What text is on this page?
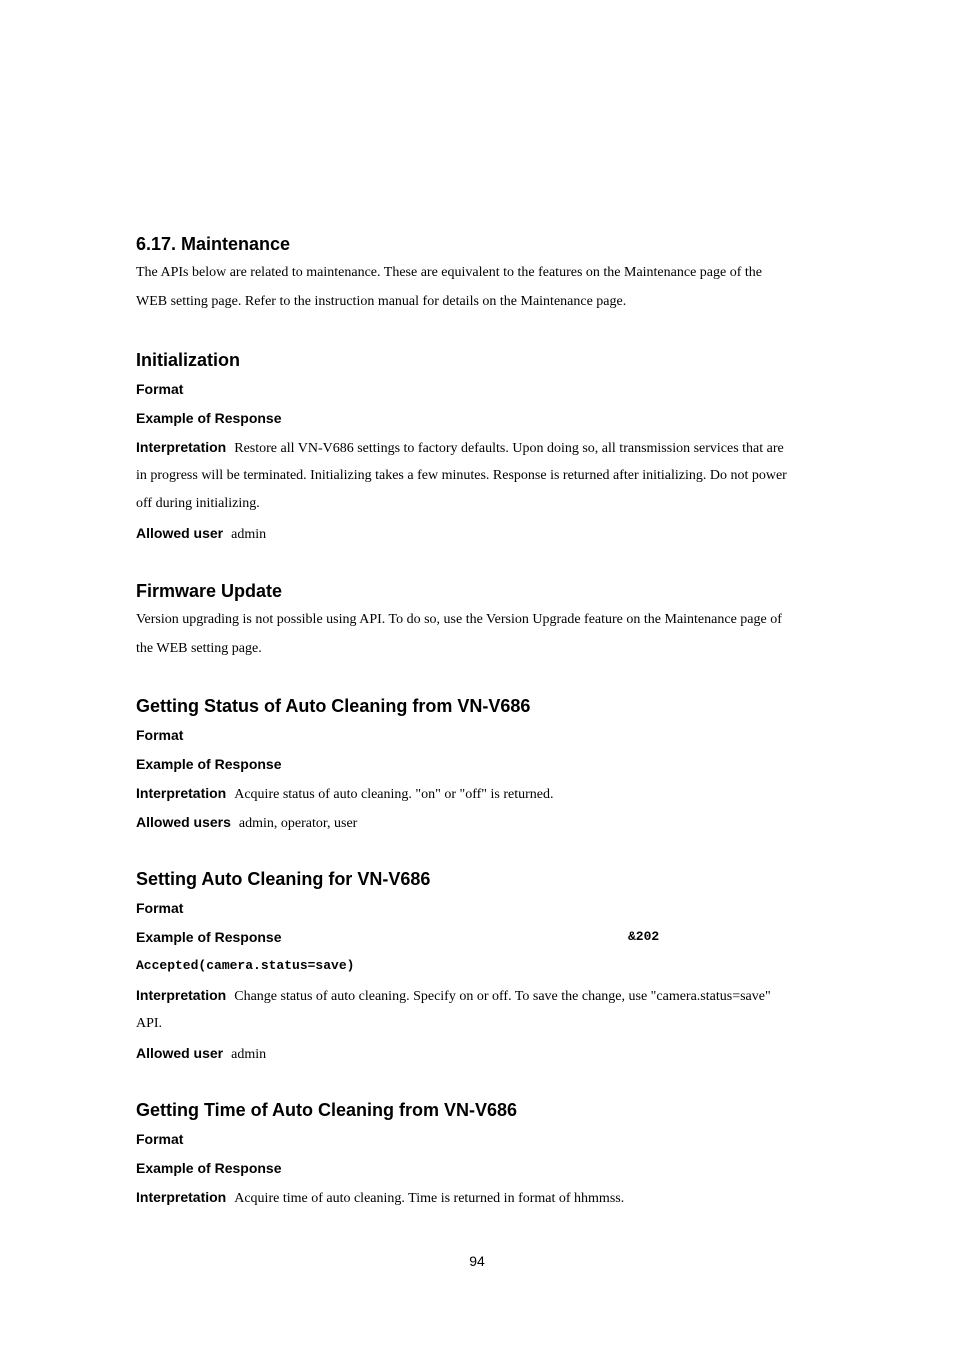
6.17. Maintenance
The APIs below are related to maintenance. These are equivalent to the features on the Maintenance page of the
WEB setting page. Refer to the instruction manual for details on the Maintenance page.
Initialization
Format
Example of Response
Interpretation Restore all VN-V686 settings to factory defaults. Upon doing so, all transmission services that are
in progress will be terminated. Initializing takes a few minutes. Response is returned after initializing. Do not power
off during initializing.
Allowed user admin
Firmware Update
Version upgrading is not possible using API. To do so, use the Version Upgrade feature on the Maintenance page of
the WEB setting page.
Getting Status of Auto Cleaning from VN-V686
Format
Example of Response
Interpretation Acquire status of auto cleaning. "on" or "off" is returned.
Allowed users admin, operator, user
Setting Auto Cleaning for VN-V686
Format
Example of Response	&202
Accepted(camera.status=save)
Interpretation Change status of auto cleaning. Specify on or off. To save the change, use "camera.status=save"
API.
Allowed user admin
Getting Time of Auto Cleaning from VN-V686
Format
Example of Response
Interpretation Acquire time of auto cleaning. Time is returned in format of hhmmss.
94
